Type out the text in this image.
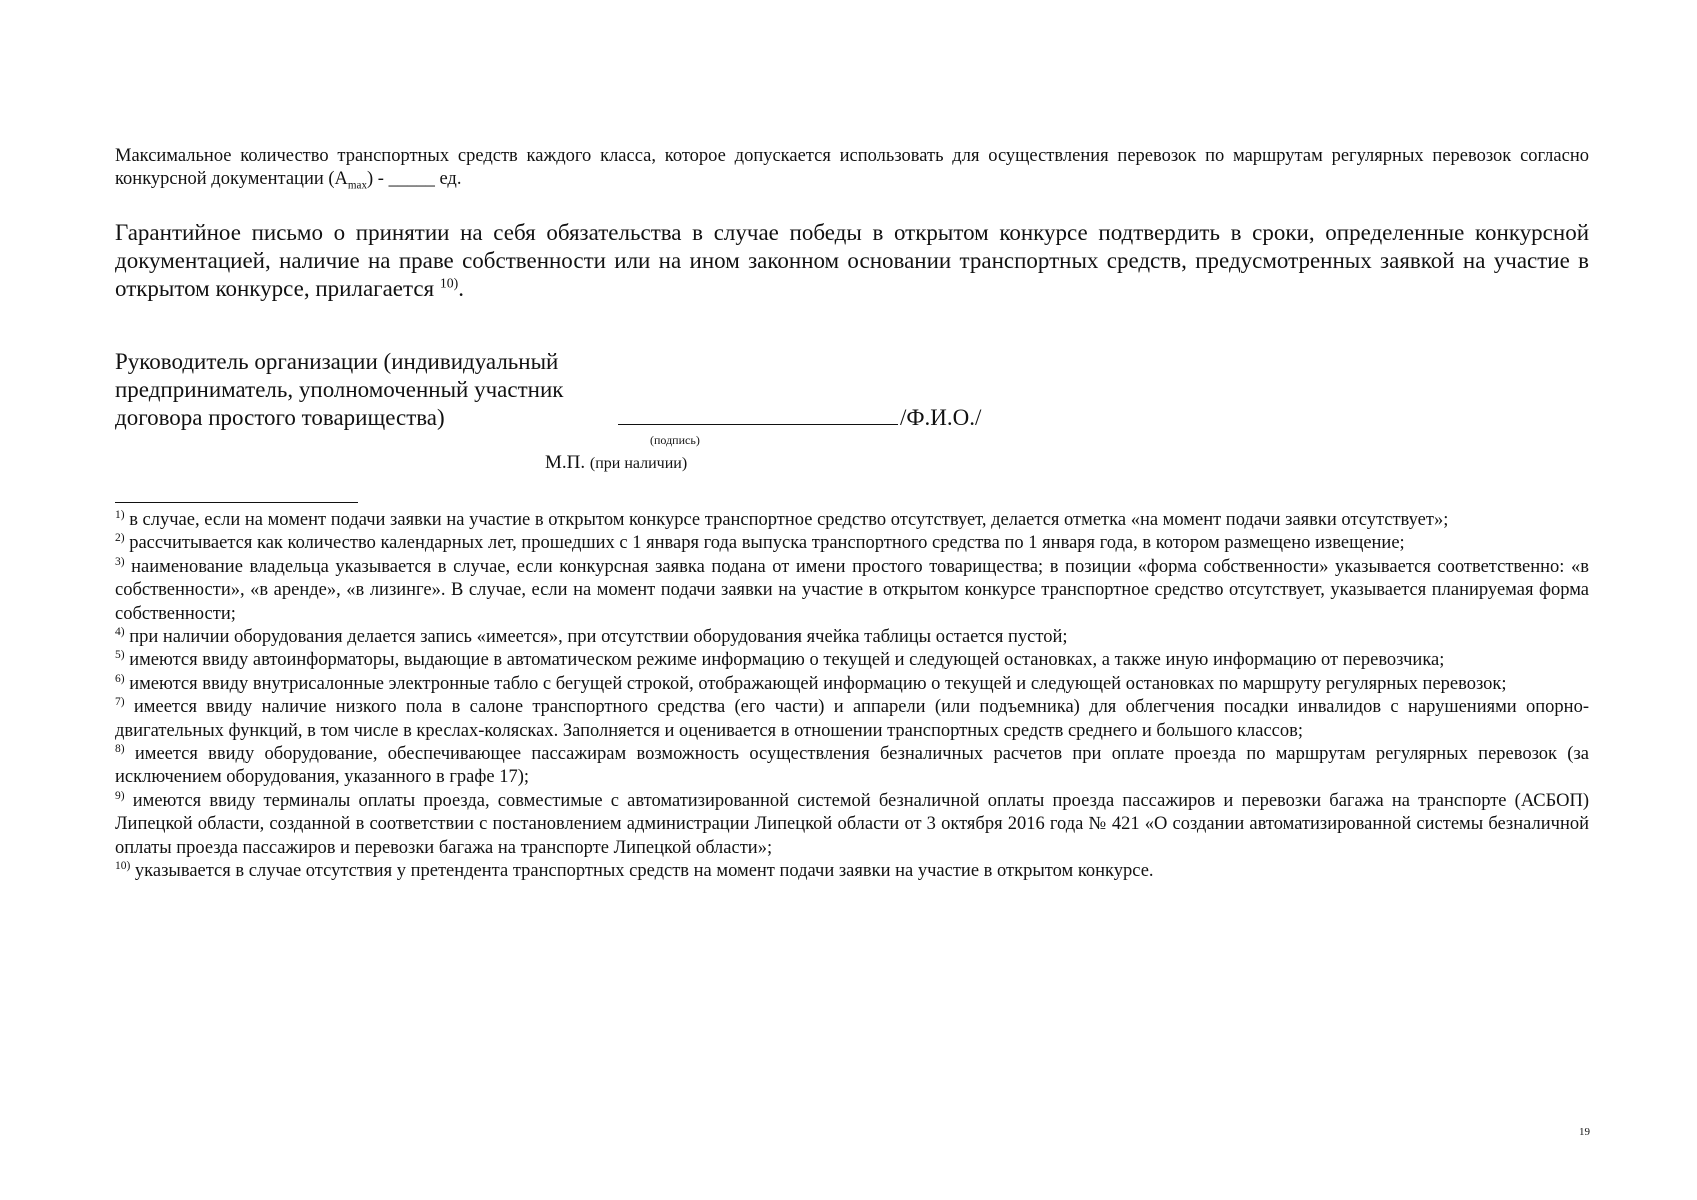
Максимальное количество транспортных средств каждого класса, которое допускается использовать для осуществления перевозок по маршрутам регулярных перевозок согласно конкурсной документации $(А_{max})$ - _____ ед.

Гарантийное письмо о принятии на себя обязательства в случае победы в открытом конкурсе подтвердить в сроки, определенные конкурсной документацией, наличие на праве собственности или на ином законном основании транспортных средств, предусмотренных заявкой на участие в открытом конкурсе, прилагается $^{10)}$.

Руководитель организации (индивидуальный
предприниматель, уполномоченный участник
договора простого товарищества)	/Ф.И.О./
(подпись)
М.П. (при наличии)

$^{1)}$ в случае, если на момент подачи заявки на участие в открытом конкурсе транспортное средство отсутствует, делается отметка «на момент подачи заявки отсутствует»;

$^{2)}$ рассчитывается как количество календарных лет, прошедших с 1 января года выпуска транспортного средства по 1 января года, в котором размещено извещение;

$^{3)}$ наименование владельца указывается в случае, если конкурсная заявка подана от имени простого товарищества; в позиции «форма собственности» указывается соответственно: «в собственности», «в аренде», «в лизинге». В случае, если на момент подачи заявки на участие в открытом конкурсе транспортное средство отсутствует, указывается планируемая форма собственности;

$^{4)}$ при наличии оборудования делается запись «имеется», при отсутствии оборудования ячейка таблицы остается пустой;

$^{5)}$ имеются ввиду автоинформаторы, выдающие в автоматическом режиме информацию о текущей и следующей остановках, а также иную информацию от перевозчика;

$^{6)}$ имеются ввиду внутрисалонные электронные табло с бегущей строкой, отображающей информацию о текущей и следующей остановках по маршруту регулярных перевозок;

$^{7)}$ имеется ввиду наличие низкого пола в салоне транспортного средства (его части) и аппарели (или подъемника) для облегчения посадки инвалидов с нарушениями опорно-двигательных функций, в том числе в креслах-колясках. Заполняется и оценивается в отношении транспортных средств среднего и большого классов;

$^{8)}$ имеется ввиду оборудование, обеспечивающее пассажирам возможность осуществления безналичных расчетов при оплате проезда по маршрутам регулярных перевозок (за исключением оборудования, указанного в графе 17);

$^{9)}$ имеются ввиду терминалы оплаты проезда, совместимые с автоматизированной системой безналичной оплаты проезда пассажиров и перевозки багажа на транспорте (АСБОП) Липецкой области, созданной в соответствии с постановлением администрации Липецкой области от 3 октября 2016 года № 421 «О создании автоматизированной системы безналичной оплаты проезда пассажиров и перевозки багажа на транспорте Липецкой области»;

$^{10)}$ указывается в случае отсутствия у претендента транспортных средств на момент подачи заявки на участие в открытом конкурсе.

19
